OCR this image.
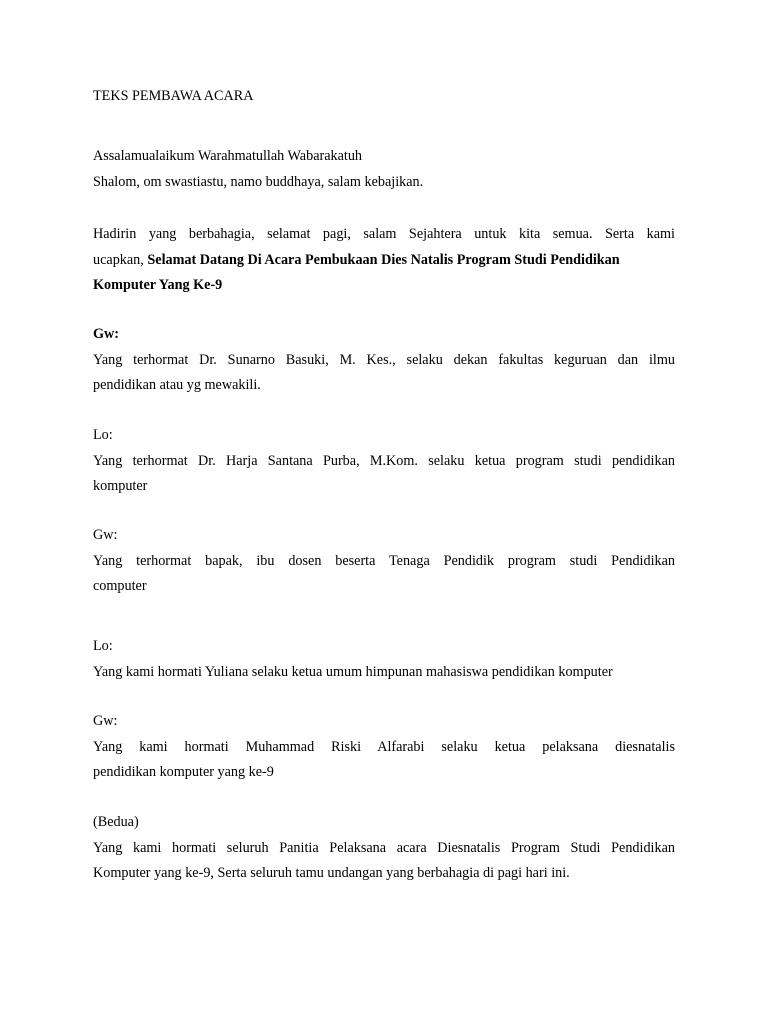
TEKS PEMBAWA ACARA
Assalamualaikum Warahmatullah Wabarakatuh
Shalom, om swastiastu, namo buddhaya, salam kebajikan.
Hadirin yang berbahagia, selamat pagi, salam Sejahtera untuk kita semua. Serta kami
ucapkan, Selamat Datang Di Acara Pembukaan Dies Natalis Program Studi Pendidikan
Komputer Yang Ke-9
Gw:
Yang terhormat Dr. Sunarno Basuki, M. Kes., selaku dekan fakultas keguruan dan ilmu
pendidikan atau yg mewakili.
Lo:
Yang terhormat Dr. Harja Santana Purba, M.Kom. selaku ketua program studi pendidikan
komputer
Gw:
Yang terhormat bapak, ibu dosen beserta Tenaga Pendidik program studi Pendidikan
computer
Lo:
Yang kami hormati Yuliana selaku ketua umum himpunan mahasiswa pendidikan komputer
Gw:
Yang kami hormati Muhammad Riski Alfarabi selaku ketua pelaksana diesnatalis
pendidikan komputer yang ke-9
(Bedua)
Yang kami hormati seluruh Panitia Pelaksana acara Diesnatalis Program Studi Pendidikan
Komputer yang ke-9, Serta seluruh tamu undangan yang berbahagia di pagi hari ini.
